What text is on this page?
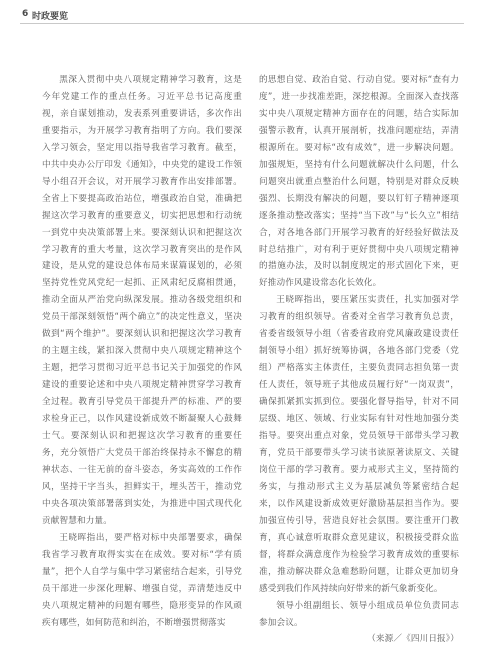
6 时政要览

黑深入贯彻中央八项规定精神学习教育，这是今年党建工作的重点任务。习近平总书记高度重视，亲自谋划推动，发表系列重要讲话，多次作出重要指示，为开展学习教育指明了方向。我们要深入学习领会，坚定用以指导我省学习教育。截至，中共中央办公厅印发《通知》，中央党的建设工作领导小组召开会议，对开展学习教育作出安排部署。全省上下要提高政治站位，增强政治自觉，准确把握这次学习教育的重要意义，切实把思想和行动统一到党中央决策部署上来。要深刻认识和把握这次学习教育的重大考量，这次学习教育突出的是作风建设，是从党的建设总体布局来谋篇谋划的，必须坚持党性党风党纪一起抓、正风肃纪反腐相贯通，推动全面从严治党向纵深发展。推动各级党组织和党员干部深刻领悟“两个确立”的决定性意义，坚决做到“两个维护”。要深刻认识和把握这次学习教育的主题主线，紧扣深入贯彻中央八项规定精神这个主题，把学习贯彻习近平总书记关于加强党的作风建设的重要论述和中央八项规定精神贯穿学习教育全过程。教育引导党员干部提升严的标准、严的要求检身正己，以作风建设新成效不断凝聚人心鼓舞士气。要深刻认识和把握这次学习教育的重要任务，充分领悟广大党员干部治终保持永不懈怠的精神状态、一往无前的奋斗姿态，务实高效的工作作风，坚持干字当头，担鲜实干，埋头苦干，推动党中央各项决策部署落到实处，为推进中国式现代化贡献智慧和力量。

王晓晖指出，要严格对标中央部署要求，确保我省学习教育取得实实在在成效。要对标“学有质量”，把个人自学与集中学习紧密结合起来，引导党员干部进一步深化理解、增强自觉，弄清楚违反中央八项规定精神的问题有哪些，隐形变异的作风顽疾有哪些，如何防范和纠治，不断增强贯彻落实

的思想自觉、政治自觉、行动自觉。要对标“查有力度”，进一步找准差距，深挖根源。全面深入查找落实中央八项规定精神方面存在的问题，结合实际加强警示教育，认真开展剖析，找准问题症结，弄清根源所在。要对标“改有成效”，进一步解决问题。加强规矩，坚持有什么问题就解决什么问题，什么问题突出就重点整治什么问题，特别是对群众反映强烈、长期没有解决的问题，要以钉钉子精神逐项逐条推动整改落实；坚持“当下改”与“长久立”相结合，对各地各部门开展学习教育的好经验好做法及时总结推广，对有利于更好贯彻中央八项规定精神的措施办法，及时以制度规定的形式固化下来，更好推动作风建设常态化长效化。

王晓晖指出，要压紧压实责任，扎实加强对学习教育的组织领导。省委对全省学习教育负总责，省委省级领导小组（省委省政府党风廉政建设责任制领导小组）抓好统筹协调，各地各部门党委（党组）严格落实主体责任，主要负责同志担负第一责任人责任，领导班子其他成员履行好“一岗双责”，确保抓紧抓实抓到位。要强化督导指导，针对不同层级、地区、领域、行业实际有针对性地加强分类指导。要突出重点对象，党员领导干部带头学习教育，党员干部要带头学习读书读原著读原文、关键岗位干部的学习教育。要力戒形式主义，坚持简约务实，与推动形式主义为基层减负等紧密结合起来，以作风建设新成效更好激励基层担当作为。要加强宣传引导，营造良好社会氛围。要注重开门教育，真心诚意听取群众意见建议，积极接受群众监督，将群众满意度作为检验学习教育成效的重要标准，推动解决群众急难愁盼问题，让群众更加切身感受到我们作风持续向好带来的新气象新变化。

领导小组副组长、领导小组成员单位负责同志参加会议。

（来源／《四川日报》）
